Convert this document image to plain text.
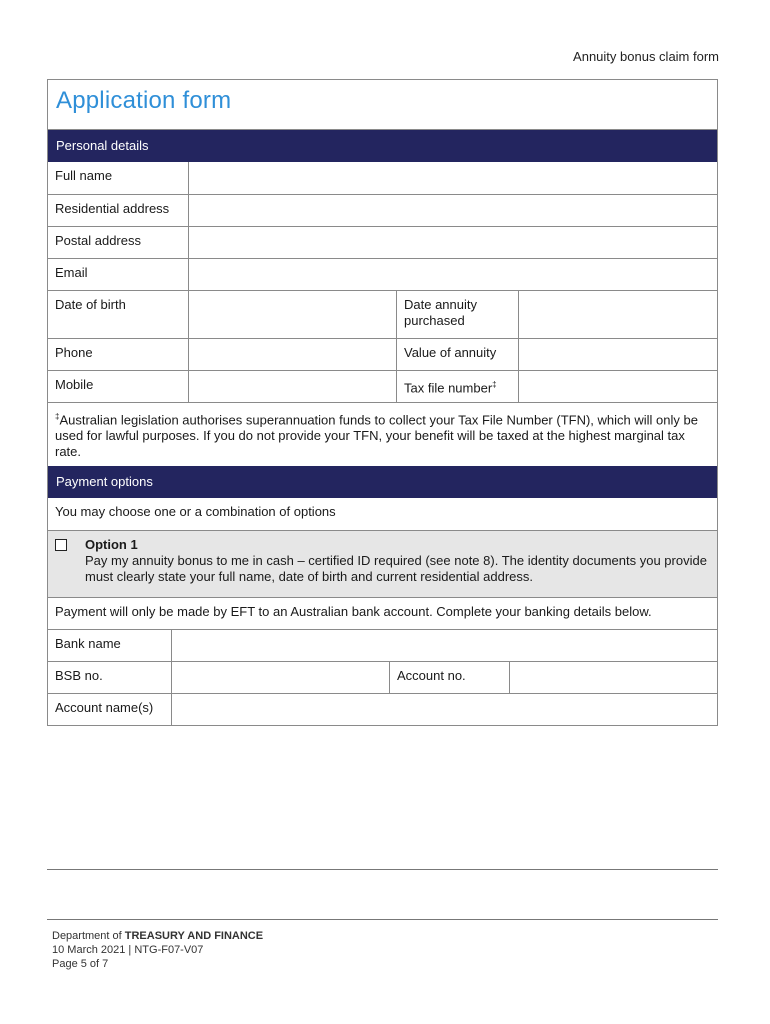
Annuity bonus claim form
Application form
Personal details
Full name
Residential address
Postal address
Email
Date of birth	Date annuity purchased
Phone	Value of annuity
Mobile	Tax file number‡
‡Australian legislation authorises superannuation funds to collect your Tax File Number (TFN), which will only be used for lawful purposes. If you do not provide your TFN, your benefit will be taxed at the highest marginal tax rate.
Payment options
You may choose one or a combination of options
Option 1
Pay my annuity bonus to me in cash – certified ID required (see note 8). The identity documents you provide must clearly state your full name, date of birth and current residential address.
Payment will only be made by EFT to an Australian bank account. Complete your banking details below.
Bank name
BSB no.	Account no.
Account name(s)
Department of TREASURY AND FINANCE
10 March 2021 | NTG-F07-V07
Page 5 of 7
